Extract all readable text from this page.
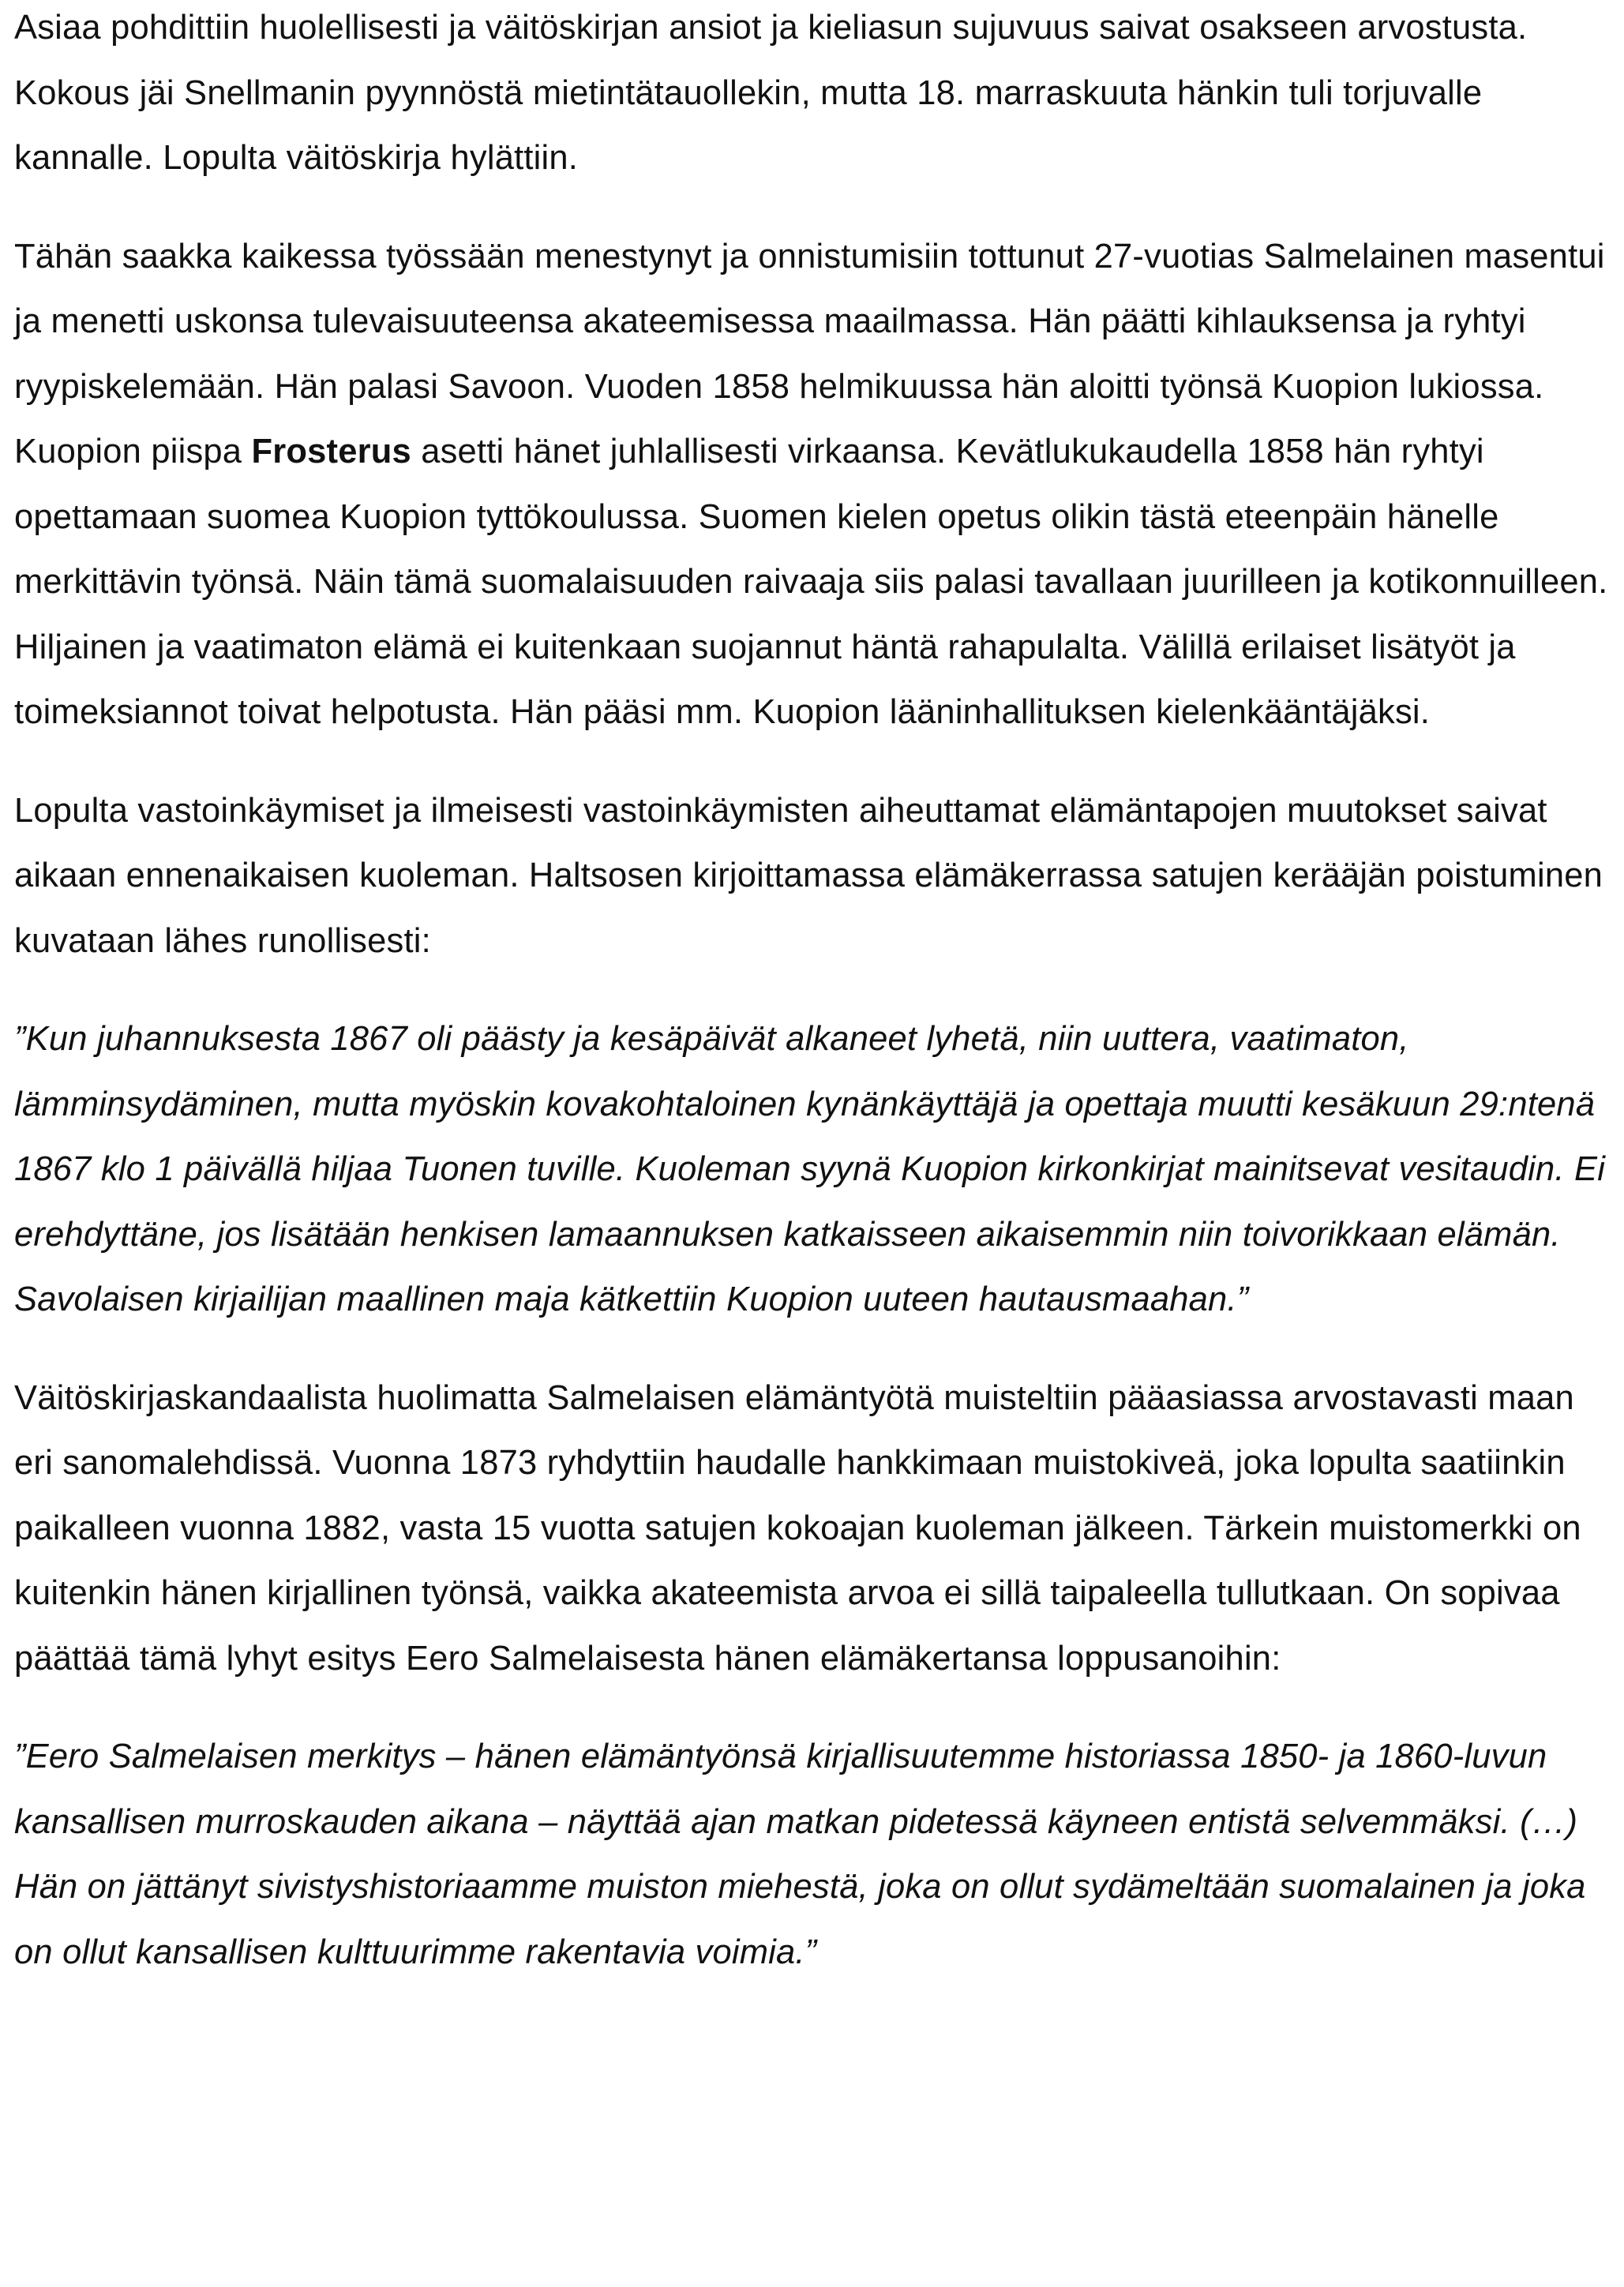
Asiaa pohdittiin huolellisesti ja väitöskirjan ansiot ja kieliasun sujuvuus saivat osakseen arvostusta. Kokous jäi Snellmanin pyynnöstä mietintätauollekin, mutta 18. marraskuuta hänkin tuli torjuvalle kannalle. Lopulta väitöskirja hylättiin.

Tähän saakka kaikessa työssään menestynyt ja onnistumisiin tottunut 27-vuotias Salmelainen masentui ja menetti uskonsa tulevaisuuteensa akateemisessa maailmassa. Hän päätti kihlauksensa ja ryhtyi ryypiskelemään. Hän palasi Savoon. Vuoden 1858 helmikuussa hän aloitti työnsä Kuopion lukiossa. Kuopion piispa Frosterus asetti hänet juhlallisesti virkaansa. Kevätlukukaudella 1858 hän ryhtyi opettamaan suomea Kuopion tyttökoulussa. Suomen kielen opetus olikin tästä eteenpäin hänelle merkittävin työnsä. Näin tämä suomalaisuuden raivaaja siis palasi tavallaan juurilleen ja kotikonnuilleen. Hiljainen ja vaatimaton elämä ei kuitenkaan suojannut häntä rahapulalta. Välillä erilaiset lisätyöt ja toimeksiannot toivat helpotusta. Hän pääsi mm. Kuopion lääninhallituksen kielenkääntäjäksi.

Lopulta vastoinkäymiset ja ilmeisesti vastoinkäymisten aiheuttamat elämäntapojen muutokset saivat aikaan ennenaikaisen kuoleman. Haltsosen kirjoittamassa elämäkerrassa satujen kerääjän poistuminen kuvataan lähes runollisesti:

”Kun juhannuksesta 1867 oli päästy ja kesäpäivät alkaneet lyhetä, niin uuttera, vaatimaton, lämminsydäminen, mutta myöskin kovakohtaloinen kynänkäyttäjä ja opettaja muutti kesäkuun 29:ntenä 1867 klo 1 päivällä hiljaa Tuonen tuville. Kuoleman syynä Kuopion kirkonkirjat mainitsevat vesitaudin. Ei erehdyttäne, jos lisätään henkisen lamaannuksen katkaisseen aikaisemmin niin toivorikkaan elämän. Savolaisen kirjailijan maallinen maja kätkettiin Kuopion uuteen hautausmaahan.”

Väitöskirjaskandaalista huolimatta Salmelaisen elämäntyötä muisteltiin pääasiassa arvostavasti maan eri sanomalehdissä. Vuonna 1873 ryhdyttiin haudalle hankkimaan muistokiveä, joka lopulta saatiinkin paikalleen vuonna 1882, vasta 15 vuotta satujen kokoajan kuoleman jälkeen. Tärkein muistomerkki on kuitenkin hänen kirjallinen työnsä, vaikka akateemista arvoa ei sillä taipaleella tullutkaan. On sopivaa päättää tämä lyhyt esitys Eero Salmelaisesta hänen elämäkertansa loppusanoihin:

”Eero Salmelaisen merkitys – hänen elämäntyönsä kirjallisuutemme historiassa 1850- ja 1860-luvun kansallisen murroskauden aikana – näyttää ajan matkan pidetessä käyneen entistä selvemmäksi. (…) Hän on jättänyt sivistyshistoriaamme muiston miehestä, joka on ollut sydämeltään suomalainen ja joka on ollut kansallisen kulttuurimme rakentavia voimia.”
